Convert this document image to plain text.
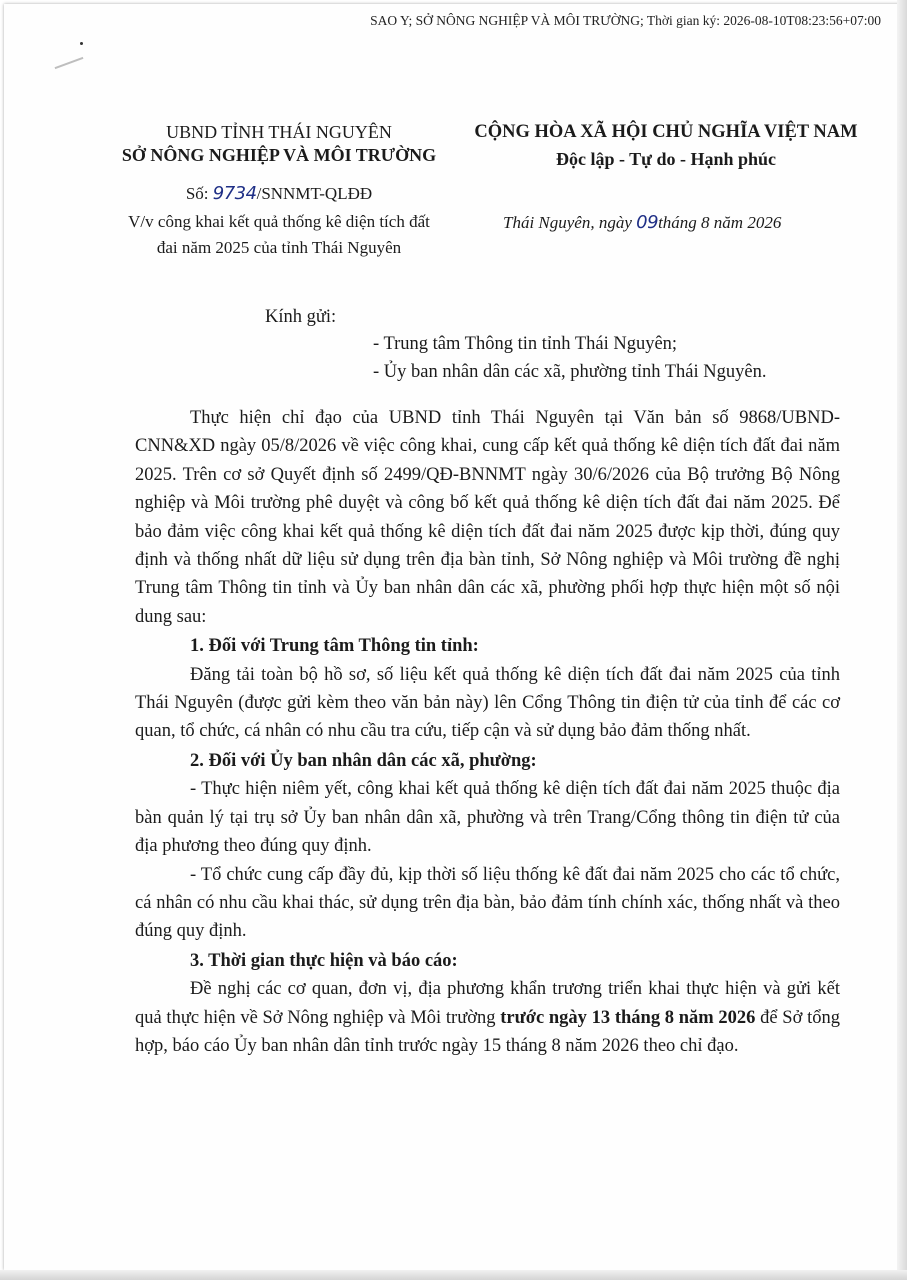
SAO Y; SỞ NÔNG NGHIỆP VÀ MÔI TRƯỜNG; Thời gian ký: 2026-08-10T08:23:56+07:00
UBND TỈNH THÁI NGUYÊN
SỞ NÔNG NGHIỆP VÀ MÔI TRƯỜNG
Số: 9734/SNNMT-QLĐĐ
V/v công khai kết quả thống kê diện tích đất
đai năm 2025 của tỉnh Thái Nguyên
CỘNG HÒA XÃ HỘI CHỦ NGHĨA VIỆT NAM
Độc lập - Tự do - Hạnh phúc
Thái Nguyên, ngày 09tháng 8 năm 2026
Kính gửi:
- Trung tâm Thông tin tỉnh Thái Nguyên;
- Ủy ban nhân dân các xã, phường tỉnh Thái Nguyên.

Thực hiện chỉ đạo của UBND tỉnh Thái Nguyên tại Văn bản số 9868/UBND-CNN&XD ngày 05/8/2026 về việc công khai, cung cấp kết quả thống kê diện tích đất đai năm 2025. Trên cơ sở Quyết định số 2499/QĐ-BNNMT ngày 30/6/2026 của Bộ trưởng Bộ Nông nghiệp và Môi trường phê duyệt và công bố kết quả thống kê diện tích đất đai năm 2025. Để bảo đảm việc công khai kết quả thống kê diện tích đất đai năm 2025 được kịp thời, đúng quy định và thống nhất dữ liệu sử dụng trên địa bàn tỉnh, Sở Nông nghiệp và Môi trường đề nghị Trung tâm Thông tin tỉnh và Ủy ban nhân dân các xã, phường phối hợp thực hiện một số nội dung sau:

1. Đối với Trung tâm Thông tin tỉnh:

Đăng tải toàn bộ hồ sơ, số liệu kết quả thống kê diện tích đất đai năm 2025 của tỉnh Thái Nguyên (được gửi kèm theo văn bản này) lên Cổng Thông tin điện tử của tỉnh để các cơ quan, tổ chức, cá nhân có nhu cầu tra cứu, tiếp cận và sử dụng bảo đảm thống nhất.

2. Đối với Ủy ban nhân dân các xã, phường:

- Thực hiện niêm yết, công khai kết quả thống kê diện tích đất đai năm 2025 thuộc địa bàn quản lý tại trụ sở Ủy ban nhân dân xã, phường và trên Trang/Cổng thông tin điện tử của địa phương theo đúng quy định.

- Tổ chức cung cấp đầy đủ, kịp thời số liệu thống kê đất đai năm 2025 cho các tổ chức, cá nhân có nhu cầu khai thác, sử dụng trên địa bàn, bảo đảm tính chính xác, thống nhất và theo đúng quy định.

3. Thời gian thực hiện và báo cáo:

Đề nghị các cơ quan, đơn vị, địa phương khẩn trương triển khai thực hiện và gửi kết quả thực hiện về Sở Nông nghiệp và Môi trường trước ngày 13 tháng 8 năm 2026 để Sở tổng hợp, báo cáo Ủy ban nhân dân tỉnh trước ngày 15 tháng 8 năm 2026 theo chỉ đạo.
